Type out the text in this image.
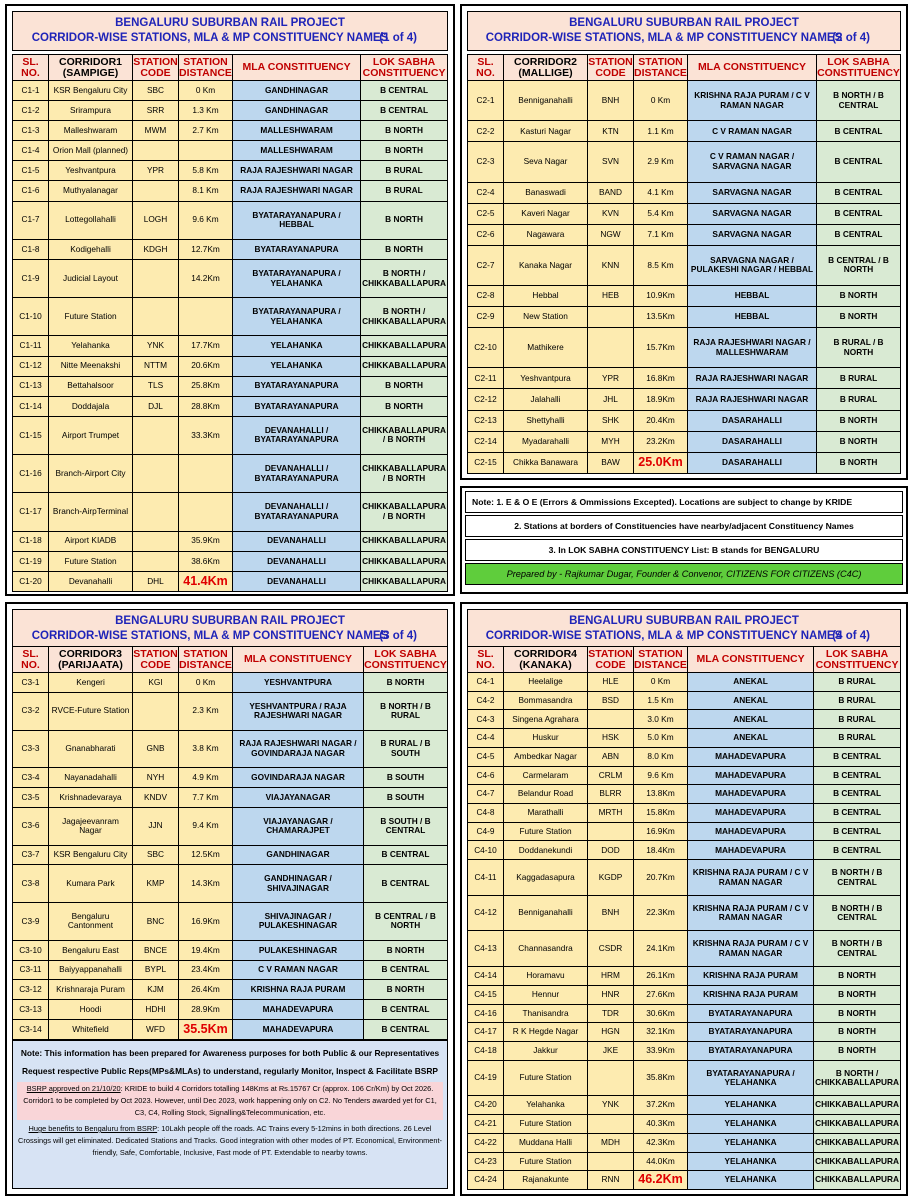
BENGALURU SUBURBAN RAIL PROJECT
CORRIDOR-WISE STATIONS, MLA & MP CONSTITUENCY NAMES
(1 of 4)
SL. NO.	CORRIDOR1 (SAMPIGE)	STATION CODE	STATION DISTANCE	MLA CONSTITUENCY	LOK SABHA CONSTITUENCY
C1-1	KSR Bengaluru City	SBC	0 Km	GANDHINAGAR	B CENTRAL
C1-2	Srirampura	SRR	1.3 Km	GANDHINAGAR	B CENTRAL
C1-3	Malleshwaram	MWM	2.7 Km	MALLESHWARAM	B NORTH
C1-4	Orion Mall (planned)			MALLESHWARAM	B NORTH
C1-5	Yeshvantpura	YPR	5.8 Km	RAJA RAJESHWARI NAGAR	B RURAL
C1-6	Muthyalanagar		8.1 Km	RAJA RAJESHWARI NAGAR	B RURAL
C1-7	Lottegollahalli	LOGH	9.6 Km	BYATARAYANAPURA / HEBBAL	B NORTH
C1-8	Kodigehalli	KDGH	12.7Km	BYATARAYANAPURA	B NORTH
C1-9	Judicial Layout		14.2Km	BYATARAYANAPURA / YELAHANKA	B NORTH / CHIKKABALLAPURA
C1-10	Future Station			BYATARAYANAPURA / YELAHANKA	B NORTH / CHIKKABALLAPURA
C1-11	Yelahanka	YNK	17.7Km	YELAHANKA	CHIKKABALLAPURA
C1-12	Nitte Meenakshi	NTTM	20.6Km	YELAHANKA	CHIKKABALLAPURA
C1-13	Bettahalsoor	TLS	25.8Km	BYATARAYANAPURA	B NORTH
C1-14	Doddajala	DJL	28.8Km	BYATARAYANAPURA	B NORTH
C1-15	Airport Trumpet		33.3Km	DEVANAHALLI / BYATARAYANAPURA	CHIKKABALLAPURA / B NORTH
C1-16	Branch-Airport City			DEVANAHALLI / BYATARAYANAPURA	CHIKKABALLAPURA / B NORTH
C1-17	Branch-AirpTerminal			DEVANAHALLI / BYATARAYANAPURA	CHIKKABALLAPURA / B NORTH
C1-18	Airport KIADB		35.9Km	DEVANAHALLI	CHIKKABALLAPURA
C1-19	Future Station		38.6Km	DEVANAHALLI	CHIKKABALLAPURA
C1-20	Devanahalli	DHL	41.4Km	DEVANAHALLI	CHIKKABALLAPURA
BENGALURU SUBURBAN RAIL PROJECT
CORRIDOR-WISE STATIONS, MLA & MP CONSTITUENCY NAMES
(2 of 4)
SL. NO.	CORRIDOR2 (MALLIGE)	STATION CODE	STATION DISTANCE	MLA CONSTITUENCY	LOK SABHA CONSTITUENCY
C2-1	Benniganahalli	BNH	0 Km	KRISHNA RAJA PURAM / C V RAMAN NAGAR	B NORTH / B CENTRAL
C2-2	Kasturi Nagar	KTN	1.1 Km	C V RAMAN NAGAR	B CENTRAL
C2-3	Seva Nagar	SVN	2.9 Km	C V RAMAN NAGAR / SARVAGNA NAGAR	B CENTRAL
C2-4	Banaswadi	BAND	4.1 Km	SARVAGNA NAGAR	B CENTRAL
C2-5	Kaveri Nagar	KVN	5.4 Km	SARVAGNA NAGAR	B CENTRAL
C2-6	Nagawara	NGW	7.1 Km	SARVAGNA NAGAR	B CENTRAL
C2-7	Kanaka Nagar	KNN	8.5 Km	SARVAGNA NAGAR / PULAKESHI NAGAR / HEBBAL	B CENTRAL / B NORTH
C2-8	Hebbal	HEB	10.9Km	HEBBAL	B NORTH
C2-9	New Station		13.5Km	HEBBAL	B NORTH
C2-10	Mathikere		15.7Km	RAJA RAJESHWARI NAGAR / MALLESHWARAM	B RURAL / B NORTH
C2-11	Yeshvantpura	YPR	16.8Km	RAJA RAJESHWARI NAGAR	B RURAL
C2-12	Jalahalli	JHL	18.9Km	RAJA RAJESHWARI NAGAR	B RURAL
C2-13	Shettyhalli	SHK	20.4Km	DASARAHALLI	B NORTH
C2-14	Myadarahalli	MYH	23.2Km	DASARAHALLI	B NORTH
C2-15	Chikka Banawara	BAW	25.0Km	DASARAHALLI	B NORTH
Note: 1. E & O E (Errors & Ommissions Excepted). Locations are subject to change by KRIDE
2. Stations at borders of Constituencies have nearby/adjacent Constituency Names
3. In LOK SABHA CONSTITUENCY List: B stands for BENGALURU
Prepared by - Rajkumar Dugar, Founder & Convenor, CITIZENS FOR CITIZENS (C4C)
BENGALURU SUBURBAN RAIL PROJECT
CORRIDOR-WISE STATIONS, MLA & MP CONSTITUENCY NAMES
(3 of 4)
SL. NO.	CORRIDOR3 (PARIJAATA)	STATION CODE	STATION DISTANCE	MLA CONSTITUENCY	LOK SABHA CONSTITUENCY
C3-1	Kengeri	KGI	0 Km	YESHVANTPURA	B NORTH
C3-2	RVCE-Future Station		2.3 Km	YESHVANTPURA / RAJA RAJESHWARI NAGAR	B NORTH / B RURAL
C3-3	Gnanabharati	GNB	3.8 Km	RAJA RAJESHWARI NAGAR / GOVINDARAJA NAGAR	B RURAL / B SOUTH
C3-4	Nayanadahalli	NYH	4.9 Km	GOVINDARAJA NAGAR	B SOUTH
C3-5	Krishnadevaraya	KNDV	7.7 Km	VIAJAYANAGAR	B SOUTH
C3-6	Jagajeevanram Nagar	JJN	9.4 Km	VIAJAYANAGAR / CHAMARAJPET	B SOUTH / B CENTRAL
C3-7	KSR Bengaluru City	SBC	12.5Km	GANDHINAGAR	B CENTRAL
C3-8	Kumara Park	KMP	14.3Km	GANDHINAGAR / SHIVAJINAGAR	B CENTRAL
C3-9	Bengaluru Cantonment	BNC	16.9Km	SHIVAJINAGAR / PULAKESHINAGAR	B CENTRAL / B NORTH
C3-10	Bengaluru East	BNCE	19.4Km	PULAKESHINAGAR	B NORTH
C3-11	Baiyyappanahalli	BYPL	23.4Km	C V RAMAN NAGAR	B CENTRAL
C3-12	Krishnaraja Puram	KJM	26.4Km	KRISHNA RAJA PURAM	B NORTH
C3-13	Hoodi	HDHI	28.9Km	MAHADEVAPURA	B CENTRAL
C3-14	Whitefield	WFD	35.5Km	MAHADEVAPURA	B CENTRAL
Note: This information has been prepared for Awareness purposes for both Public & our Representatives
Request respective Public Reps(MPs&MLAs) to understand, regularly Monitor, Inspect & Facilitate BSRP
BSRP approved on 21/10/20: KRIDE to build 4 Corridors totalling 148Kms at Rs.15767 Cr (approx. 106 Cr/Km) by Oct 2026. Corridor1 to be completed by Oct 2023. However, until Dec 2023, work happening only on C2. No Tenders awarded yet for C1, C3, C4, Rolling Stock, Signalling&Telecommunication, etc.
Huge benefits to Bengaluru from BSRP: 10Lakh people off the roads. AC Trains every 5-12mins in both directions. 26 Level Crossings will get eliminated. Dedicated Stations and Tracks. Good integration with other modes of PT. Economical, Environment-friendly, Safe, Comfortable, Inclusive, Fast mode of PT. Extendable to nearby towns.
BENGALURU SUBURBAN RAIL PROJECT
CORRIDOR-WISE STATIONS, MLA & MP CONSTITUENCY NAMES
(4 of 4)
SL. NO.	CORRIDOR4 (KANAKA)	STATION CODE	STATION DISTANCE	MLA CONSTITUENCY	LOK SABHA CONSTITUENCY
C4-1	Heelalige	HLE	0 Km	ANEKAL	B RURAL
C4-2	Bommasandra	BSD	1.5 Km	ANEKAL	B RURAL
C4-3	Singena Agrahara		3.0 Km	ANEKAL	B RURAL
C4-4	Huskur	HSK	5.0 Km	ANEKAL	B RURAL
C4-5	Ambedkar Nagar	ABN	8.0 Km	MAHADEVAPURA	B CENTRAL
C4-6	Carmelaram	CRLM	9.6 Km	MAHADEVAPURA	B CENTRAL
C4-7	Belandur Road	BLRR	13.8Km	MAHADEVAPURA	B CENTRAL
C4-8	Marathalli	MRTH	15.8Km	MAHADEVAPURA	B CENTRAL
C4-9	Future Station		16.9Km	MAHADEVAPURA	B CENTRAL
C4-10	Doddanekundi	DOD	18.4Km	MAHADEVAPURA	B CENTRAL
C4-11	Kaggadasapura	KGDP	20.7Km	KRISHNA RAJA PURAM / C V RAMAN NAGAR	B NORTH / B CENTRAL
C4-12	Benniganahalli	BNH	22.3Km	KRISHNA RAJA PURAM / C V RAMAN NAGAR	B NORTH / B CENTRAL
C4-13	Channasandra	CSDR	24.1Km	KRISHNA RAJA PURAM / C V RAMAN NAGAR	B NORTH / B CENTRAL
C4-14	Horamavu	HRM	26.1Km	KRISHNA RAJA PURAM	B NORTH
C4-15	Hennur	HNR	27.6Km	KRISHNA RAJA PURAM	B NORTH
C4-16	Thanisandra	TDR	30.6Km	BYATARAYANAPURA	B NORTH
C4-17	R K Hegde Nagar	HGN	32.1Km	BYATARAYANAPURA	B NORTH
C4-18	Jakkur	JKE	33.9Km	BYATARAYANAPURA	B NORTH
C4-19	Future Station		35.8Km	BYATARAYANAPURA / YELAHANKA	B NORTH / CHIKKABALLAPURA
C4-20	Yelahanka	YNK	37.2Km	YELAHANKA	CHIKKABALLAPURA
C4-21	Future Station		40.3Km	YELAHANKA	CHIKKABALLAPURA
C4-22	Muddana Halli	MDH	42.3Km	YELAHANKA	CHIKKABALLAPURA
C4-23	Future Station		44.0Km	YELAHANKA	CHIKKABALLAPURA
C4-24	Rajanakunte	RNN	46.2Km	YELAHANKA	CHIKKABALLAPURA
